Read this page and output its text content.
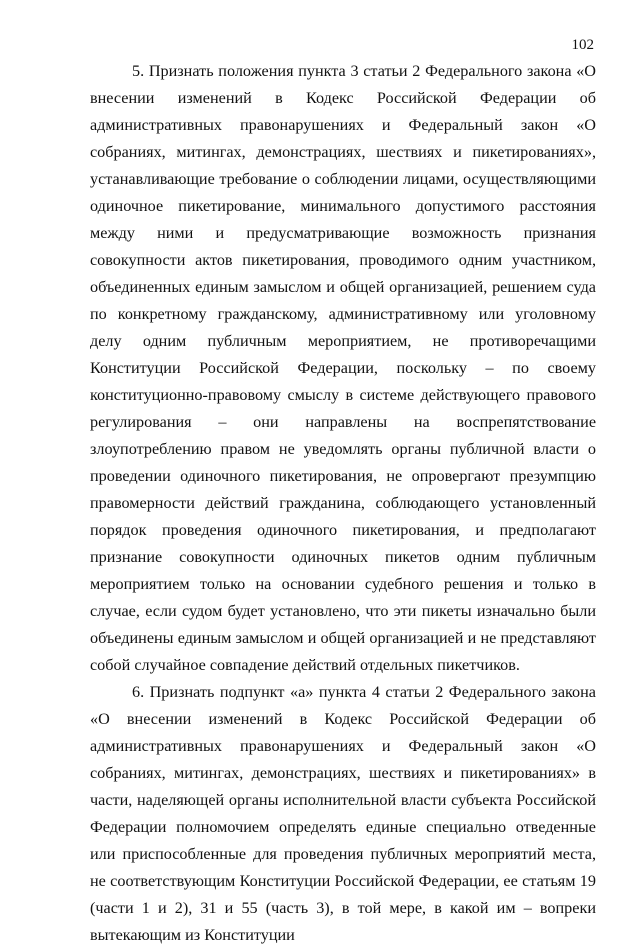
102

5. Признать положения пункта 3 статьи 2 Федерального закона «О внесении изменений в Кодекс Российской Федерации об административных правонарушениях и Федеральный закон «О собраниях, митингах, демонстрациях, шествиях и пикетированиях», устанавливающие требование о соблюдении лицами, осуществляющими одиночное пикетирование, минимального допустимого расстояния между ними и предусматривающие возможность признания совокупности актов пикетирования, проводимого одним участником, объединенных единым замыслом и общей организацией, решением суда по конкретному гражданскому, административному или уголовному делу одним публичным мероприятием, не противоречащими Конституции Российской Федерации, поскольку – по своему конституционно-правовому смыслу в системе действующего правового регулирования – они направлены на воспрепятствование злоупотреблению правом не уведомлять органы публичной власти о проведении одиночного пикетирования, не опровергают презумпцию правомерности действий гражданина, соблюдающего установленный порядок проведения одиночного пикетирования, и предполагают признание совокупности одиночных пикетов одним публичным мероприятием только на основании судебного решения и только в случае, если судом будет установлено, что эти пикеты изначально были объединены единым замыслом и общей организацией и не представляют собой случайное совпадение действий отдельных пикетчиков.

6. Признать подпункт «а» пункта 4 статьи 2 Федерального закона «О внесении изменений в Кодекс Российской Федерации об административных правонарушениях и Федеральный закон «О собраниях, митингах, демонстрациях, шествиях и пикетированиях» в части, наделяющей органы исполнительной власти субъекта Российской Федерации полномочием определять единые специально отведенные или приспособленные для проведения публичных мероприятий места, не соответствующим Конституции Российской Федерации, ее статьям 19 (части 1 и 2), 31 и 55 (часть 3), в той мере, в какой им – вопреки вытекающим из Конституции
